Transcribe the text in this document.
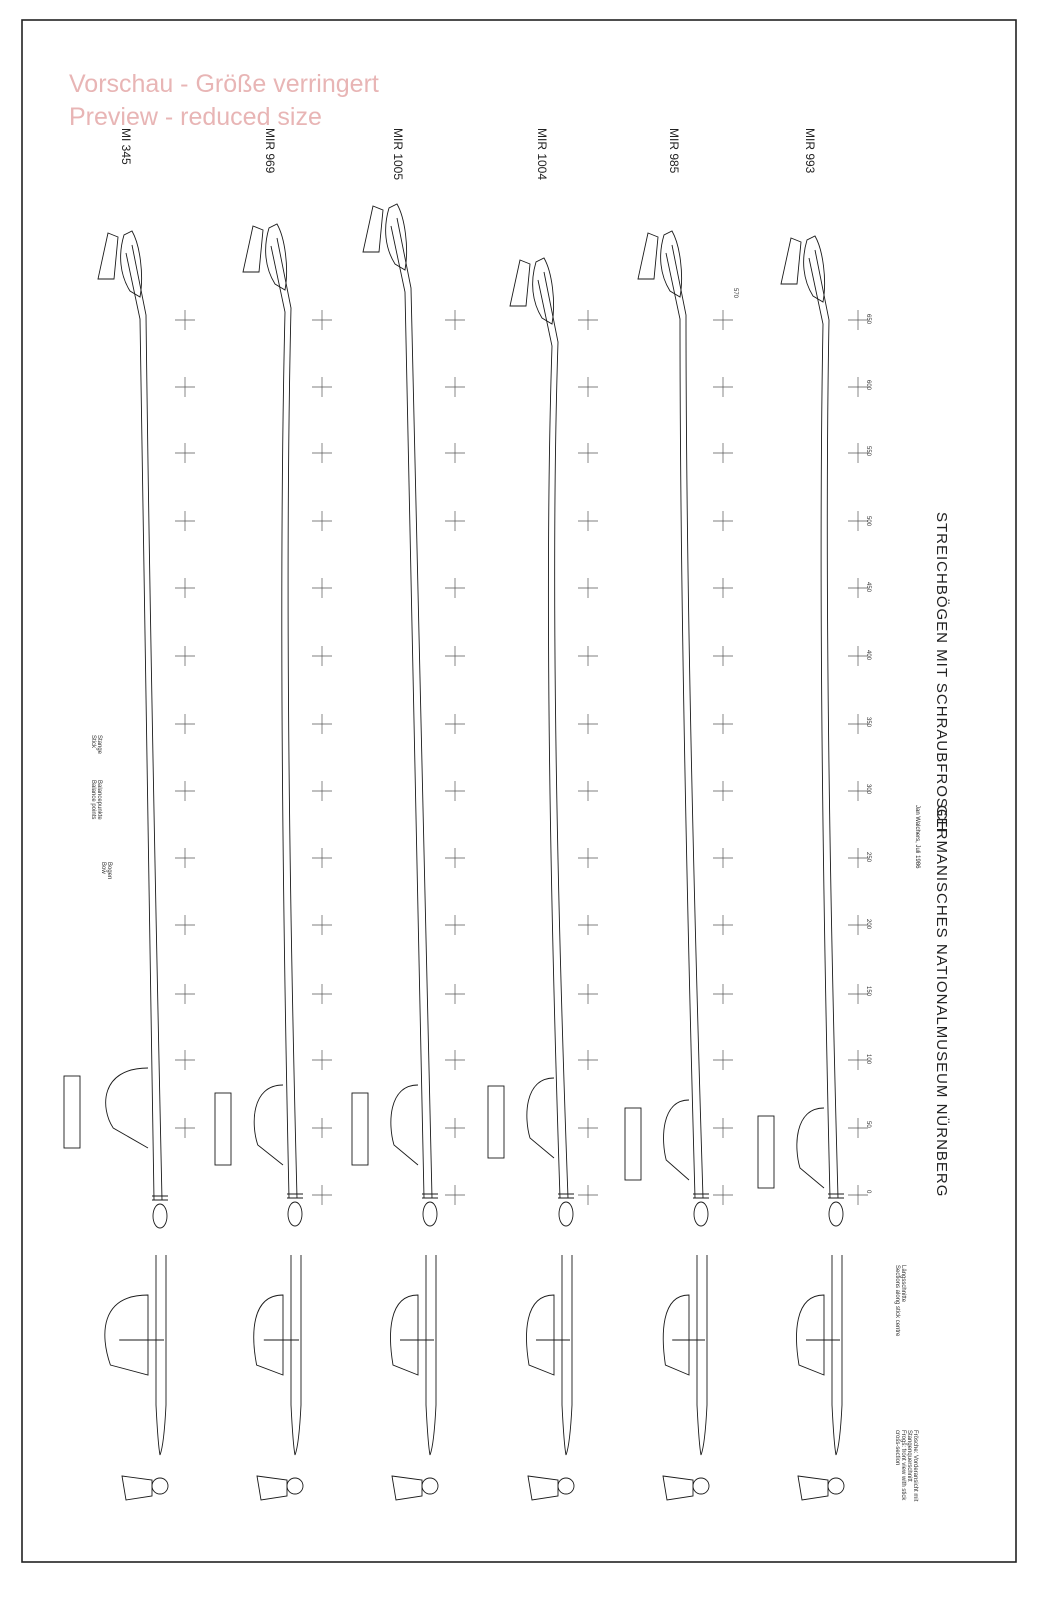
Vorschau - Größe verringert
Preview - reduced size
MI 345	MIR 969	MIR 1005	MIR 1004	MIR 985	MIR 993
STREICHBÖGEN MIT SCHRAUBFROSCH
GERMANISCHES NATIONALMUSEUM NÜRNBERG
Jan Walchers, Juli 1986
650
600
550
500
450
400
350
300
250
200
150
100
50
0
570
Stange
Stick
Balancepunkte
Balance points
Bogen
Bow
Längsschnitte
Sections along stick centre
Frösche: Vorderansicht mit
Stangenquerschnitt
Frogs: front view with stick
cross-section
